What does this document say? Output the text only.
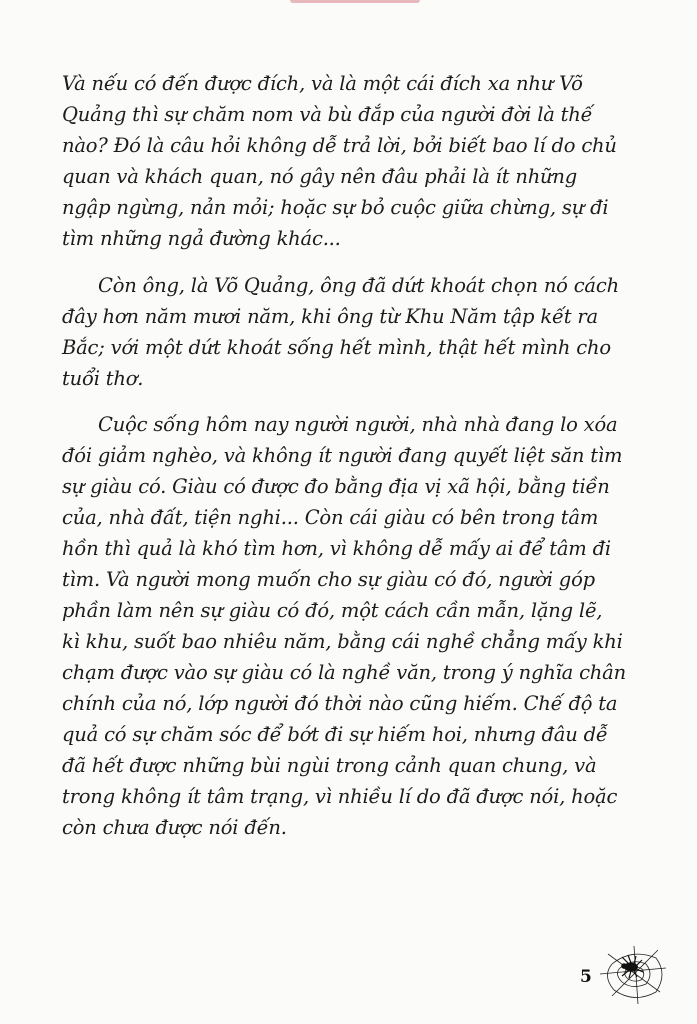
Và nếu có đến được đích, và là một cái đích xa như Võ
Quảng thì sự chăm nom và bù đắp của người đời là thế
nào? Đó là câu hỏi không dễ trả lời, bởi biết bao lí do chủ
quan và khách quan, nó gây nên đâu phải là ít những
ngập ngừng, nản mỏi; hoặc sự bỏ cuộc giữa chừng, sự đi
tìm những ngả đường khác...

Còn ông, là Võ Quảng, ông đã dứt khoát chọn nó cách
đây hơn năm mươi năm, khi ông từ Khu Năm tập kết ra
Bắc; với một dứt khoát sống hết mình, thật hết mình cho
tuổi thơ.

Cuộc sống hôm nay người người, nhà nhà đang lo xóa
đói giảm nghèo, và không ít người đang quyết liệt săn tìm
sự giàu có. Giàu có được đo bằng địa vị xã hội, bằng tiền
của, nhà đất, tiện nghi... Còn cái giàu có bên trong tâm
hồn thì quả là khó tìm hơn, vì không dễ mấy ai để tâm đi
tìm. Và người mong muốn cho sự giàu có đó, người góp
phần làm nên sự giàu có đó, một cách cần mẫn, lặng lẽ,
kì khu, suốt bao nhiêu năm, bằng cái nghề chẳng mấy khi
chạm được vào sự giàu có là nghề văn, trong ý nghĩa chân
chính của nó, lớp người đó thời nào cũng hiếm. Chế độ ta
quả có sự chăm sóc để bớt đi sự hiếm hoi, nhưng đâu dễ
đã hết được những bùi ngùi trong cảnh quan chung, và
trong không ít tâm trạng, vì nhiều lí do đã được nói, hoặc
còn chưa được nói đến.

5
